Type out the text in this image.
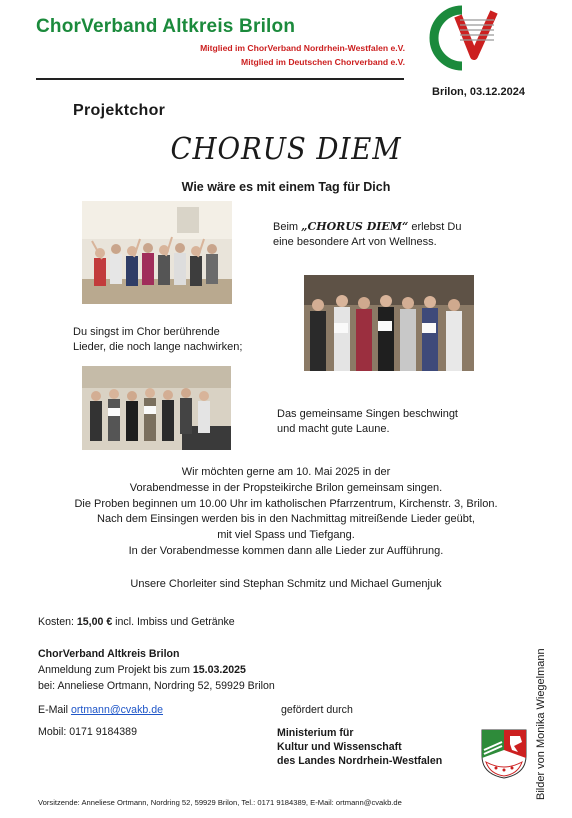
ChorVerband Altkreis Brilon
Mitglied im ChorVerband Nordrhein-Westfalen e.V.
Mitglied im Deutschen Chorverband e.V.
Brilon, 03.12.2024
Projektchor
CHORUS DIEM
Wie wäre es mit einem Tag für Dich
Beim „CHORUS DIEM“ erlebst Du
eine besondere Art von Wellness.
Du singst im Chor berührende
Lieder, die noch lange nachwirken;
Das gemeinsame Singen beschwingt
und macht gute Laune.
Wir möchten gerne am 10. Mai 2025 in der
Vorabendmesse in der Propsteikirche Brilon gemeinsam singen.
Die Proben beginnen um 10.00 Uhr im katholischen Pfarrzentrum, Kirchenstr. 3, Brilon.
Nach dem Einsingen werden bis in den Nachmittag mitreißende Lieder geübt,
mit viel Spass und Tiefgang.
In der Vorabendmesse kommen dann alle Lieder zur Aufführung.
Unsere Chorleiter sind Stephan Schmitz und Michael Gumenjuk
Kosten: 15,00 € incl. Imbiss und Getränke
ChorVerband Altkreis Brilon
Anmeldung zum Projekt bis zum 15.03.2025
bei: Anneliese Ortmann, Nordring 52, 59929 Brilon
E-Mail ortmann@cvakb.de
Mobil: 0171 9184389
gefördert durch
Ministerium für
Kultur und Wissenschaft
des Landes Nordrhein-Westfalen	Bilder von Monika Wiegelmann
Vorsitzende: Anneliese Ortmann, Nordring 52, 59929 Brilon, Tel.: 0171 9184389, E-Mail: ortmann@cvakb.de
